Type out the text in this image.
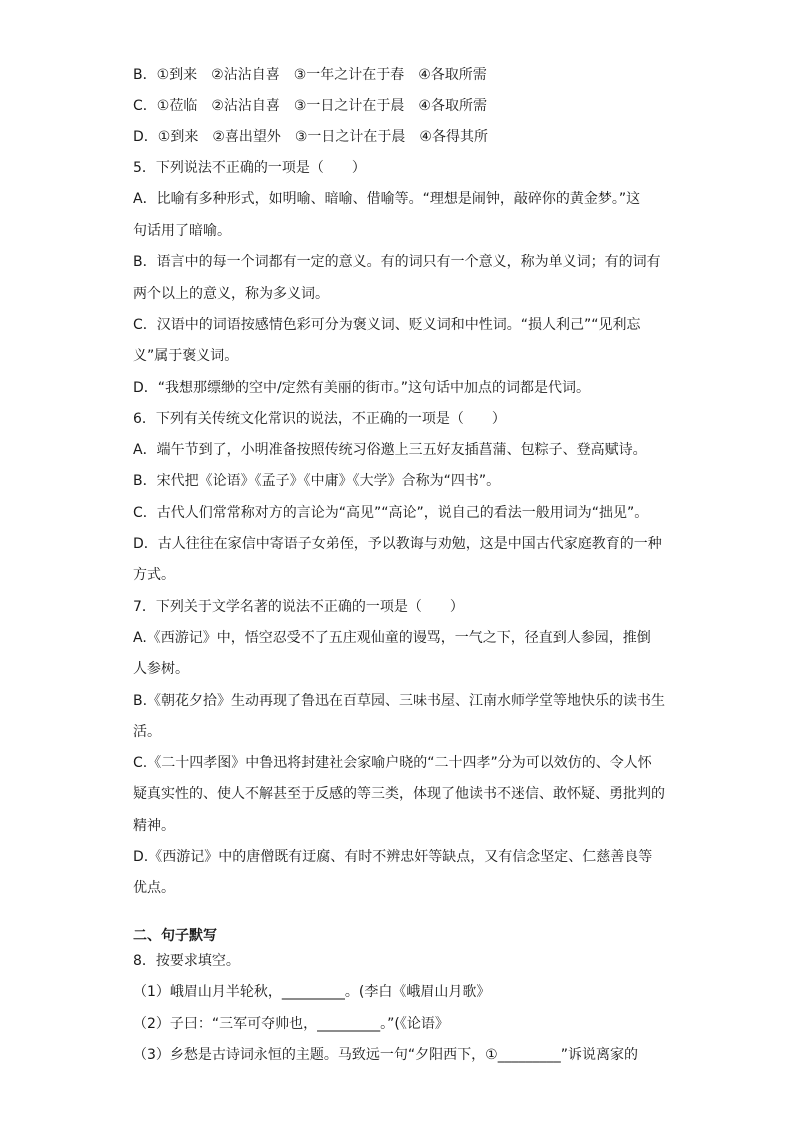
B．①到来　②沾沾自喜　③一年之计在于春　④各取所需
C．①莅临　②沾沾自喜　③一日之计在于晨　④各取所需
D．①到来　②喜出望外　③一日之计在于晨　④各得其所
5．下列说法不正确的一项是（　　）
A．比喻有多种形式，如明喻、暗喻、借喻等。“理想是闹钟，敲碎你的黄金梦。”这
句话用了暗喻。
B．语言中的每一个词都有一定的意义。有的词只有一个意义，称为单义词；有的词有
两个以上的意义，称为多义词。
C．汉语中的词语按感情色彩可分为褒义词、贬义词和中性词。“损人利己”“见利忘
义”属于褒义词。
D．“我想那缥缈的空中/定然有美丽的街市。”这句话中加点的词都是代词。
6．下列有关传统文化常识的说法，不正确的一项是（　　）
A．端午节到了，小明准备按照传统习俗邀上三五好友插菖蒲、包粽子、登高赋诗。
B．宋代把《论语》《孟子》《中庸》《大学》合称为“四书”。
C．古代人们常常称对方的言论为“高见”“高论”，说自己的看法一般用词为“拙见”。
D．古人往往在家信中寄语子女弟侄，予以教诲与劝勉，这是中国古代家庭教育的一种
方式。
7．下列关于文学名著的说法不正确的一项是（　　）
A.《西游记》中，悟空忍受不了五庄观仙童的谩骂，一气之下，径直到人参园，推倒
人参树。
B.《朝花夕拾》生动再现了鲁迅在百草园、三味书屋、江南水师学堂等地快乐的读书生
活。
C.《二十四孝图》中鲁迅将封建社会家喻户晓的“二十四孝”分为可以效仿的、令人怀
疑真实性的、使人不解甚至于反感的等三类，体现了他读书不迷信、敢怀疑、勇批判的
精神。
D.《西游记》中的唐僧既有迂腐、有时不辨忠奸等缺点，又有信念坚定、仁慈善良等
优点。
二、句子默写
8．按要求填空。
（1）峨眉山月半轮秋，_________。(李白《峨眉山月歌》
（2）子曰：“三军可夺帅也，_________。”(《论语》
（3）乡愁是古诗词永恒的主题。马致远一句“夕阳西下，①_________”诉说离家的
